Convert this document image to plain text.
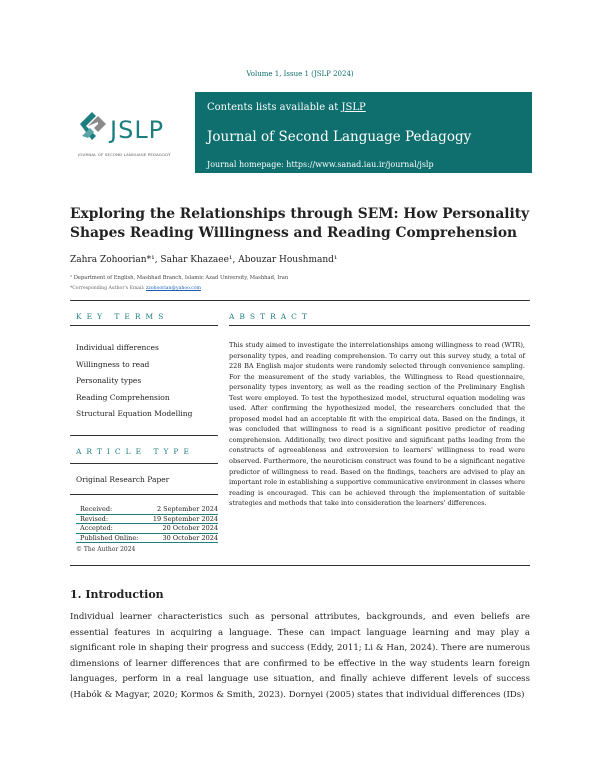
Volume 1, Issue 1 (JSLP 2024)
JSLP
JOURNAL OF SECOND LANGUAGE PEDAGOGY
Contents lists available at JSLP
Journal of Second Language Pedagogy
Journal homepage: https://www.sanad.iau.ir/journal/jslp
Exploring the Relationships through SEM: How Personality Shapes Reading Willingness and Reading Comprehension
Zahra Zohoorian*¹, Sahar Khazaee¹, Abouzar Houshmand¹
¹ Department of English, Mashhad Branch, Islamic Azad University, Mashhad, Iran
*Corresponding Author's Email: zzohoorian@yahoo.com
KEY TERMS	ABSTRACT
Individual differences
Willingness to read
Personality types
Reading Comprehension
Structural Equation Modelling
ARTICLE TYPE
Original Research Paper
Received:	2 September 2024
Revised:	19 September 2024
Accepted:	20 October 2024
Published Online:	30 October 2024
© The Author 2024
This study aimed to investigate the interrelationships among willingness to read (WTR), personality types, and reading comprehension. To carry out this survey study, a total of 228 BA English major students were randomly selected through convenience sampling. For the measurement of the study variables, the Willingness to Read questionnaire, personality types inventory, as well as the reading section of the Preliminary English Test were employed. To test the hypothesized model, structural equation modeling was used. After confirming the hypothesized model, the researchers concluded that the proposed model had an acceptable fit with the empirical data. Based on the findings, it was concluded that willingness to read is a significant positive predictor of reading comprehension. Additionally, two direct positive and significant paths leading from the constructs of agreeableness and extroversion to learners' willingness to read were observed. Furthermore, the neuroticism construct was found to be a significant negative predictor of willingness to read. Based on the findings, teachers are advised to play an important role in establishing a supportive communicative environment in classes where reading is encouraged. This can be achieved through the implementation of suitable strategies and methods that take into consideration the learners' differences.
1. Introduction
Individual learner characteristics such as personal attributes, backgrounds, and even beliefs are essential features in acquiring a language. These can impact language learning and may play a significant role in shaping their progress and success (Eddy, 2011; Li & Han, 2024). There are numerous dimensions of learner differences that are confirmed to be effective in the way students learn foreign languages, perform in a real language use situation, and finally achieve different levels of success (Habók & Magyar, 2020; Kormos & Smith, 2023). Dornyei (2005) states that individual differences (IDs)
